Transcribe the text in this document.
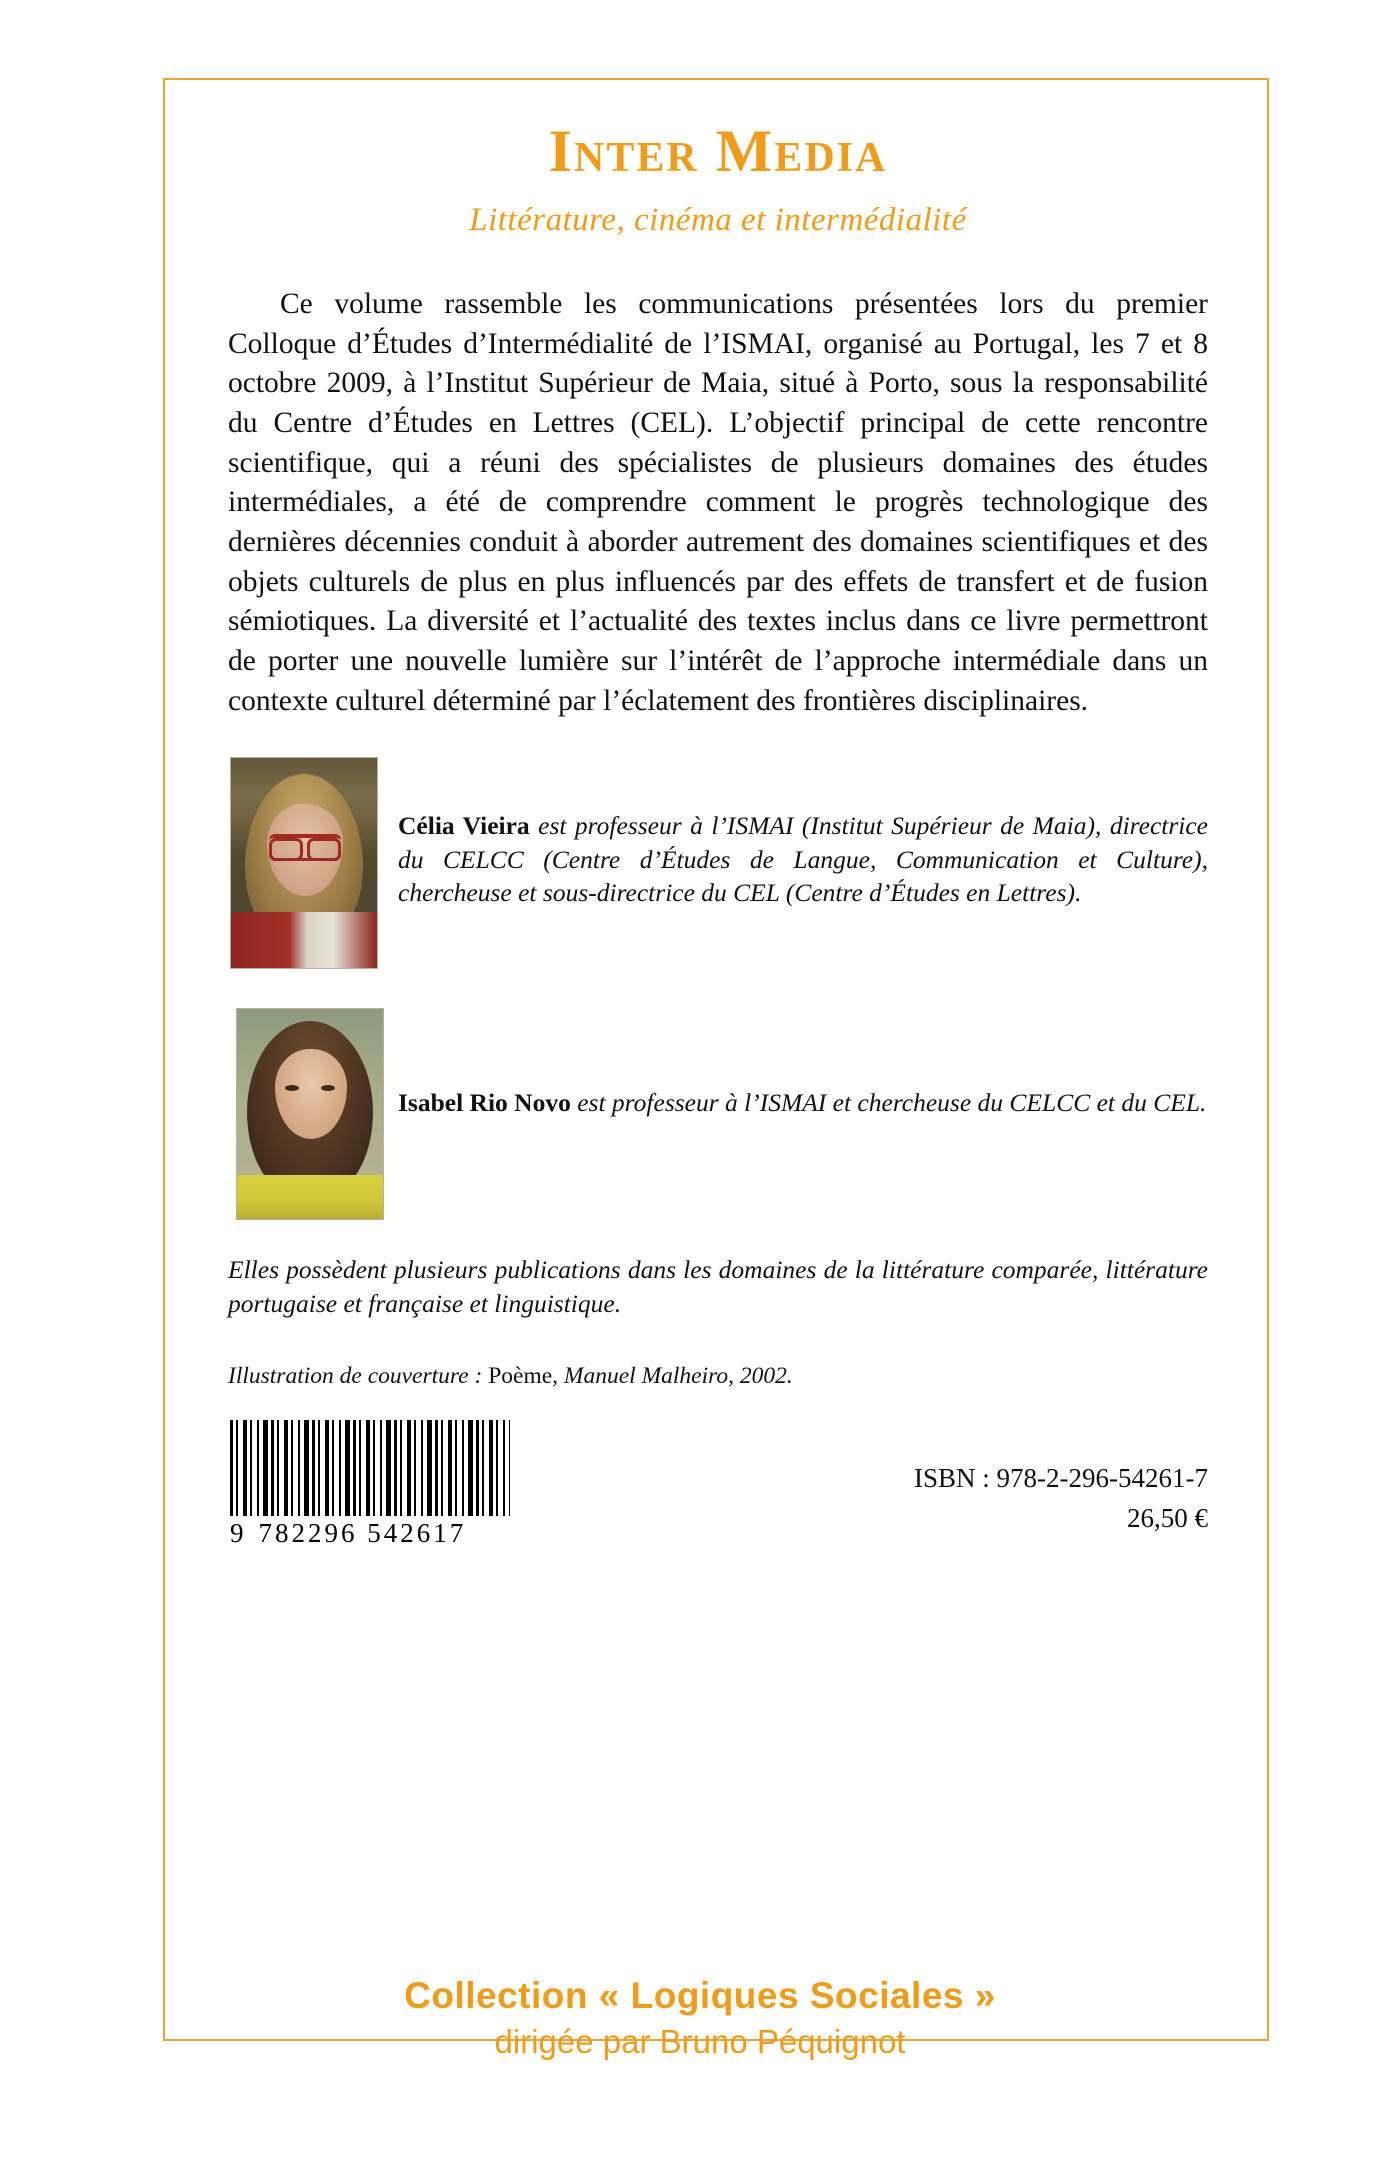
Inter Media
Littérature, cinéma et intermédialité
Ce volume rassemble les communications présentées lors du premier Colloque d’Études d’Intermédialité de l’ISMAI, organisé au Portugal, les 7 et 8 octobre 2009, à l’Institut Supérieur de Maia, situé à Porto, sous la responsabilité du Centre d’Études en Lettres (CEL). L’objectif principal de cette rencontre scientifique, qui a réuni des spécialistes de plusieurs domaines des études intermédiales, a été de comprendre comment le progrès technologique des dernières décennies conduit à aborder autrement des domaines scientifiques et des objets culturels de plus en plus influencés par des effets de transfert et de fusion sémiotiques. La diversité et l’actualité des textes inclus dans ce livre permettront de porter une nouvelle lumière sur l’intérêt de l’approche intermédiale dans un contexte culturel déterminé par l’éclatement des frontières disciplinaires.
Célia Vieira est professeur à l’ISMAI (Institut Supérieur de Maia), directrice du CELCC (Centre d’Études de Langue, Communication et Culture), chercheuse et sous-directrice du CEL (Centre d’Études en Lettres).
Isabel Rio Novo est professeur à l’ISMAI et chercheuse du CELCC et du CEL.
Elles possèdent plusieurs publications dans les domaines de la littérature comparée, littérature portugaise et française et linguistique.
Illustration de couverture : Poème, Manuel Malheiro, 2002.
9 782296 542617
ISBN : 978-2-296-54261-7
26,50 €
Collection « Logiques Sociales »
dirigée par Bruno Péquignot
